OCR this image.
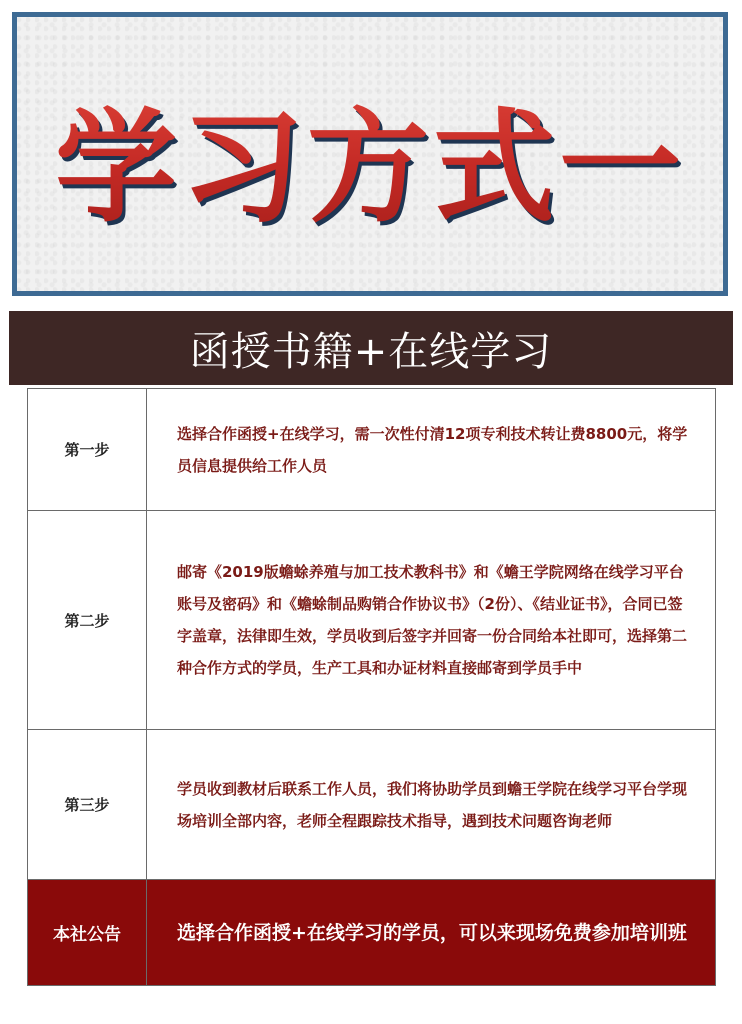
学习方式一
函授书籍+在线学习
第一步	选择合作函授+在线学习，需一次性付清12项专利技术转让费8800元，将学员信息提供给工作人员
第二步	邮寄《2019版蟾蜍养殖与加工技术教科书》和《蟾王学院网络在线学习平台账号及密码》和《蟾蜍制品购销合作协议书》（2份）、《结业证书》，合同已签字盖章，法律即生效，学员收到后签字并回寄一份合同给本社即可，选择第二种合作方式的学员，生产工具和办证材料直接邮寄到学员手中
第三步	学员收到教材后联系工作人员，我们将协助学员到蟾王学院在线学习平台学现场培训全部内容，老师全程跟踪技术指导，遇到技术问题咨询老师
本社公告	选择合作函授+在线学习的学员，可以来现场免费参加培训班
